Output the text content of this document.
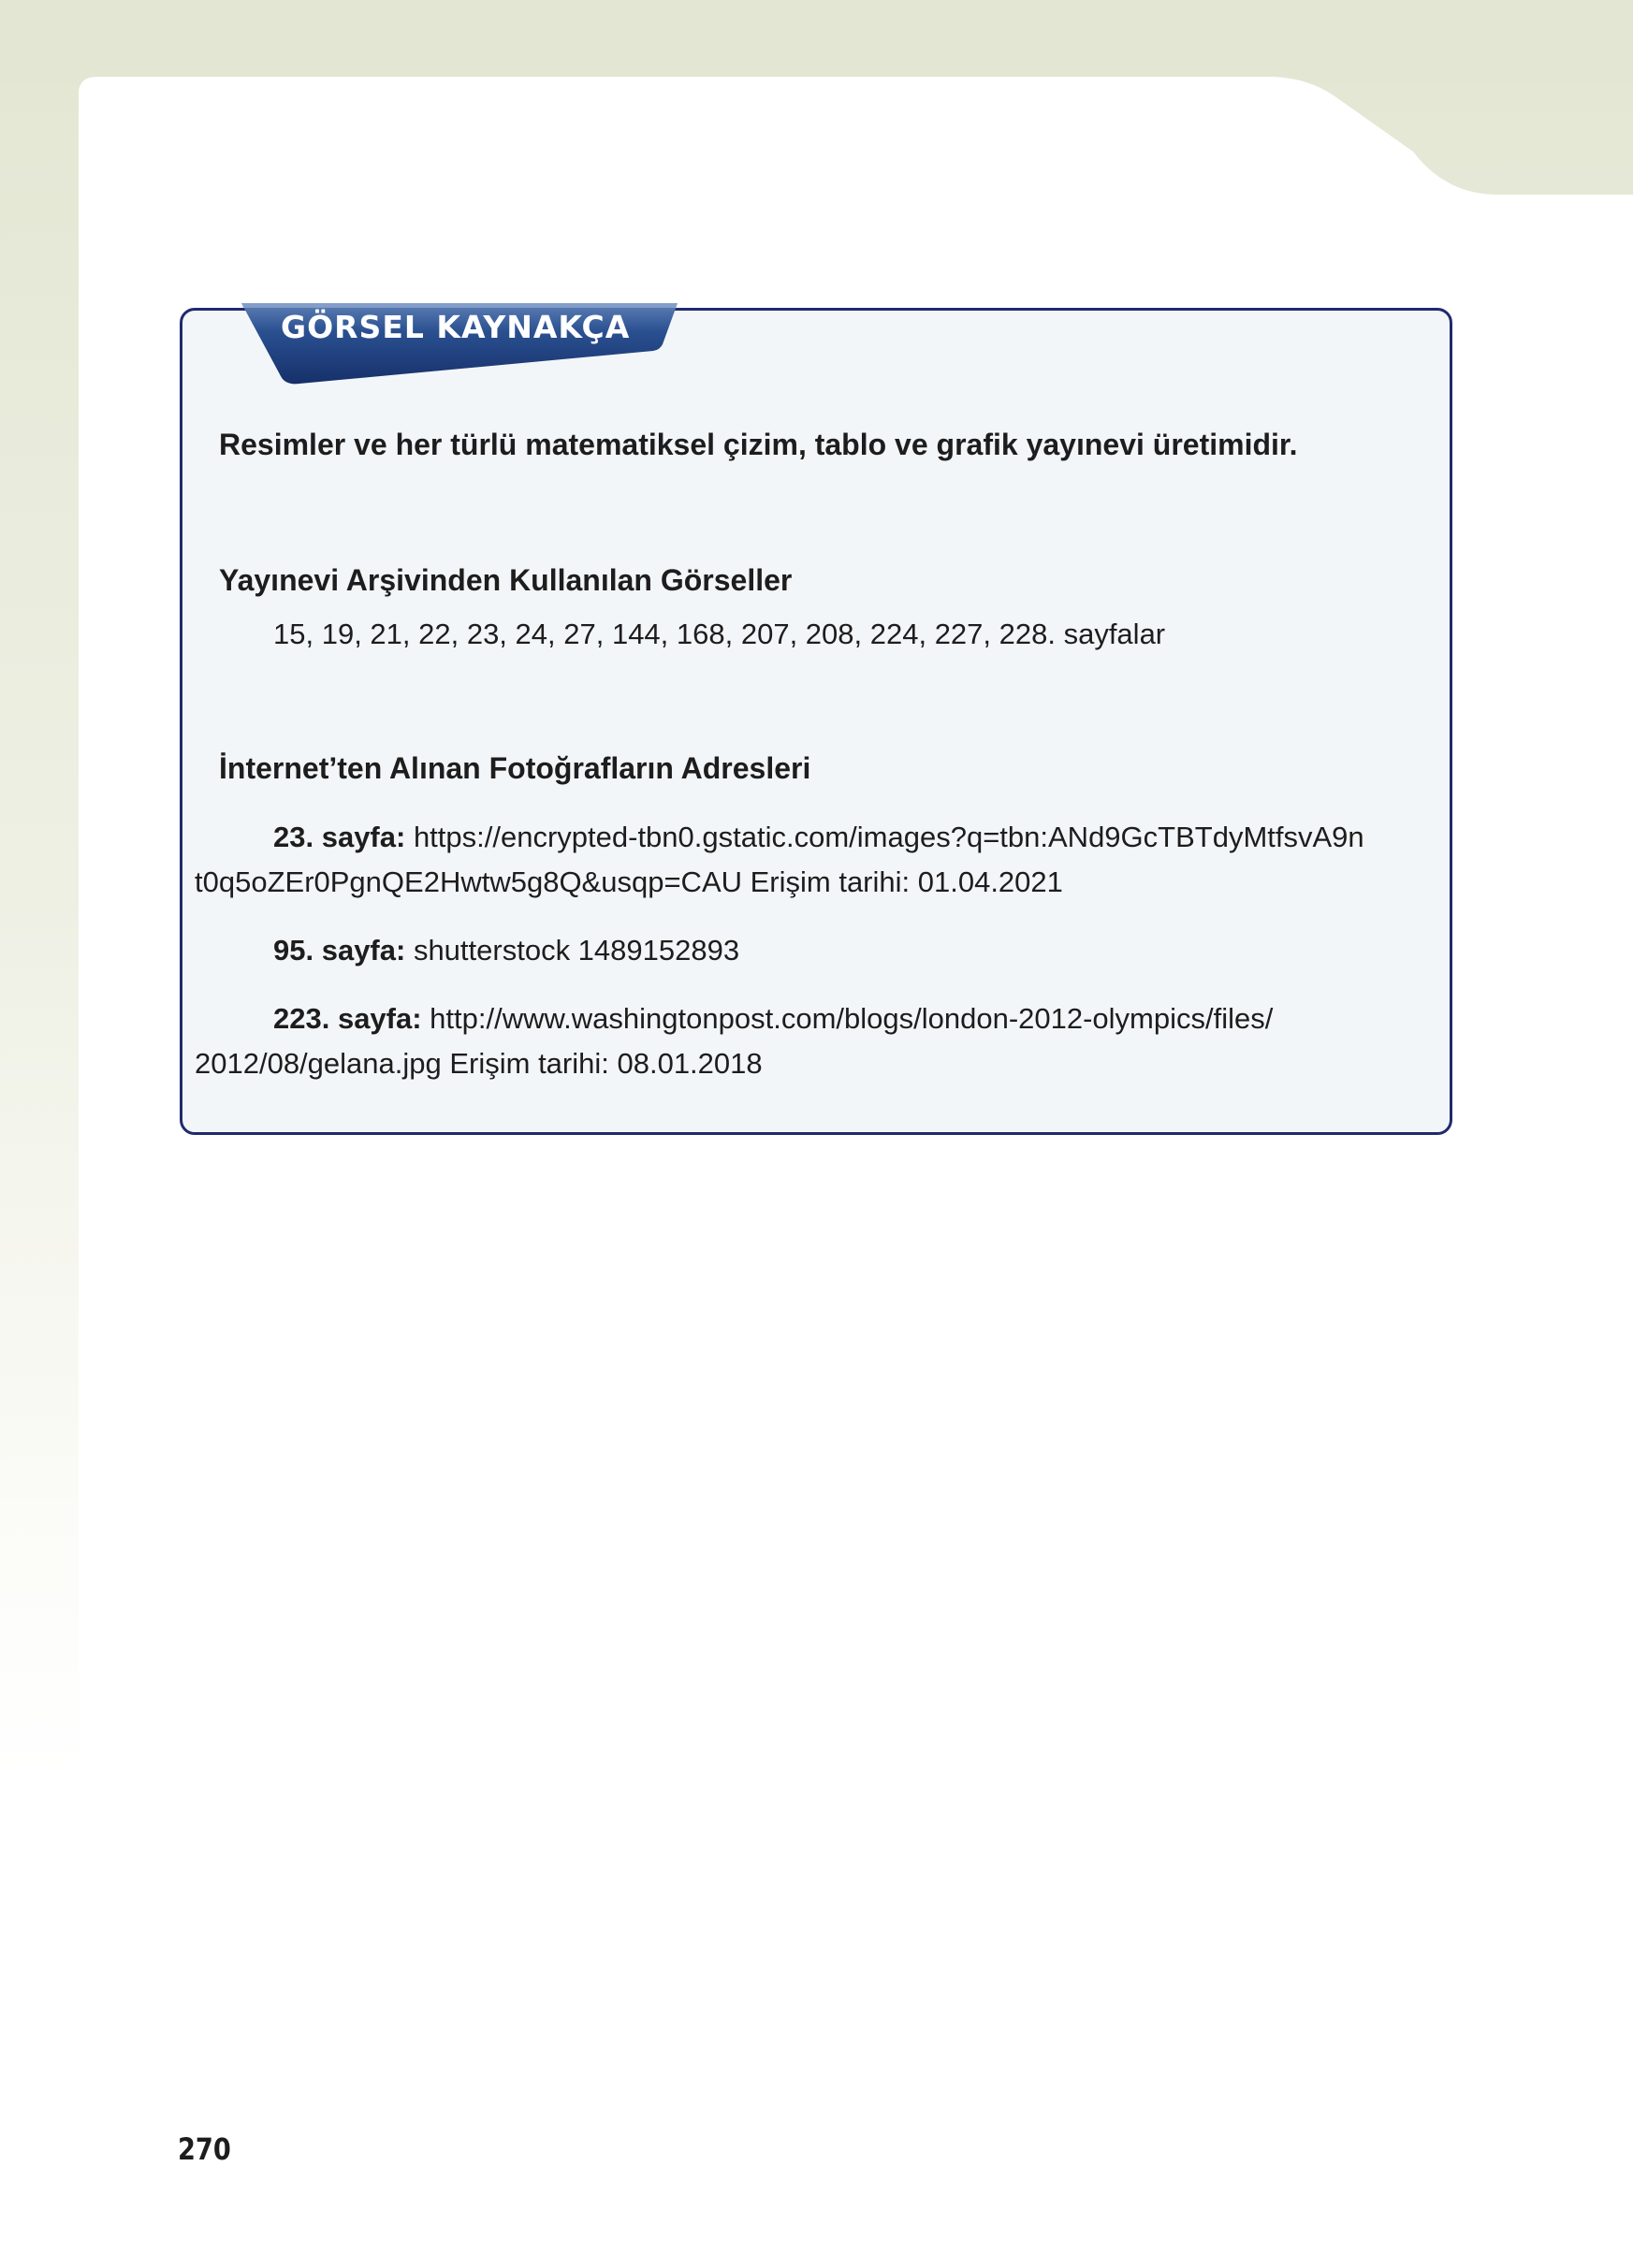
GÖRSEL KAYNAKÇA
Resimler ve her türlü matematiksel çizim, tablo ve grafik yayınevi üretimidir.
Yayınevi Arşivinden Kullanılan Görseller
15, 19, 21, 22, 23, 24, 27, 144, 168, 207, 208, 224, 227, 228. sayfalar
İnternet’ten Alınan Fotoğrafların Adresleri
23. sayfa: https://encrypted-tbn0.gstatic.com/images?q=tbn:ANd9GcTBTdyMtfsvA9n
t0q5oZEr0PgnQE2Hwtw5g8Q&usqp=CAU Erişim tarihi: 01.04.2021
95. sayfa: shutterstock 1489152893
223. sayfa: http://www.washingtonpost.com/blogs/london-2012-olympics/files/
2012/08/gelana.jpg Erişim tarihi: 08.01.2018
270
